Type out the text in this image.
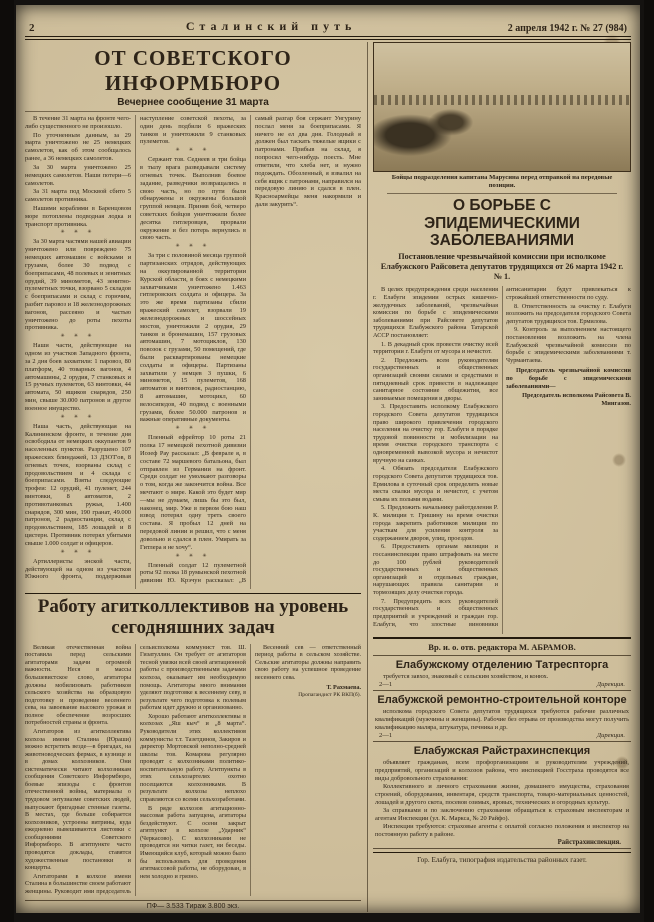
2	Сталинский путь	2 апреля 1942 г. № 27 (984)
ОТ СОВЕТСКОГО ИНФОРМБЮРО
Вечернее сообщение 31 марта

В течение 31 марта на фронте чего-либо существенного не произошло.

По уточненным данным, за 29 марта уничтожено не 25 немецких самолетов, как об этом сообщалось ранее, а 36 немецких самолетов.

За 30 марта уничтожено 25 немецких самолетов. Наши потери—6 самолетов.

За 31 марта под Москвой сбито 5 самолетов противника.

Нашими кораблями в Баренцовом море потоплены подводная лодка и транспорт противника.

✳ ✳ ✳

За 30 марта частями нашей авиации уничтожено или повреждено 75 немецких автомашин с войсками и грузами, более 30 подвод с боеприпасами, 48 полевых и зенитных орудий, 39 минометов, 43 зенитно-пулеметных точки, взорвано 5 складов с боеприпасами и склад с горючим, разбит паровоз и 18 железнодорожных вагонов, рассеяно и частью уничтожено до роты пехоты противника.

✳ ✳ ✳

Наши части, действующие на одном из участков Западного фронта, за 2 дня боев захватили: 1 паровоз, 80 платформ, 40 товарных вагонов, 4 автомашины, 2 орудия, 7 станковых и 15 ручных пулеметов, 63 винтовки, 44 автомата, 50 ящиков снарядов, 250 мин, свыше 30.000 патронов и другое военное имущество.

✳ ✳ ✳

Наша часть, действующая на Калининском фронте, в течение дня освободила от немецких оккупантов 9 населенных пунктов. Разрушено 107 вражеских блиндажей, 13 ДЗОТ'ов, 8 огневых точек, взорваны склад с продовольствием и 4 склада с боеприпасами. Взяты следующие трофеи: 12 орудий, 41 пулемет, 244 винтовки, 8 автоматов, 2 противотанковых ружья, 1.400 снарядов, 300 мин, 190 гранат, 49.000 патронов, 2 радиостанции, склад с продовольствием, 185 лошадей и 8 цистерн. Противник потерял убитыми свыше 1.000 солдат и офицеров.

✳ ✳ ✳

Артиллеристы энской части, действующей на одном из участков Южного фронта, поддерживая наступление советской пехоты, за один день подбили 6 вражеских танков и уничтожили 9 станковых пулеметов.

✳ ✳ ✳

Сержант тов. Седнеев и три бойца в тылу врага разведывали систему огневых точек. Выполнив боевое задание, разведчики возвращались в свою часть, но по пути были обнаружены и окружены большой группой немцев. Приняв бой, четверо советских бойцов уничтожили более десятка гитлеровцев, прорвали окружение и без потерь вернулись в свою часть.

✳ ✳ ✳

За три с половиной месяца группой партизанских отрядов, действующих на оккупированной территории Курской области, в боях с немецкими захватчиками уничтожено 1.463 гитлеровских солдата и офицера. За это же время партизаны сбили вражеский самолет, взорвали 19 железнодорожных и шоссейных мостов, уничтожили 2 орудия, 29 танков и бронемашин, 157 грузовых автомашин, 7 мотоциклов, 130 повозок с грузами, 50 помещений, где были расквартированы немецкие солдаты и офицеры. Партизаны захватили у немцев 3 пушки, 6 минометов, 15 пулеметов, 168 автоматов и винтовок, радиостанцию, 8 автомашин, мотоцикл, 60 велосипедов, 40 подвод с военными грузами, более 50.000 патронов и важные оперативные документы.

✳ ✳ ✳

Пленный ефрейтор 10 роты 21 полка 17 немецкой пехотной дивизии Иозеф Рау рассказал: „В феврале я, в составе 72 маршевого батальона, был отправлен из Германии на фронт. Среди солдат не умолкают разговоры о том, когда же закончится война. Все мечтают о мире. Какой это будет мир—мы не думаем, лишь бы это был, наконец, мир. Уже в первом бою наш взвод потерял одну треть своего состава. Я пробыл 12 дней на передовой линии и решил, что с меня довольно и сдался в плен. Умирать за Гитлера я не хочу“.

✳ ✳ ✳

Пленный солдат 12 пулеметной роты 92 полка 18 румынской пехотной дивизии Ю. Крэчун рассказал: „В самый разгар боя сержант Унгурину послал меня за боеприпасами. Я ничего не ел два дня. Голодный я должен был таскать тяжелые ящики с патронами. Прибыв на склад, я попросил чего-нибудь поесть. Мне ответили, что хлеба нет, и нужно подождать. Обозленный, я взвалил на себя ящик с патронами, направился на передовую линию и сдался в плен. Красноармейцы меня накормили и дали закурить“.

Работу агитколлективов на уровень сегодняшних задач

Великая отечественная война поставила перед сельскими агитаторами задачи огромной важности. Неся в массы большевистское слово, агитаторы должны мобилизовать работников сельского хозяйства на образцовую подготовку и проведение весеннего сева, на завоевание высокого урожая и полное обеспечение возросших потребностей страны и фронта.

Агитаторов из агитколлектива колхоза имени Сталина (Юраши) можно встретить везде—в бригадах, на животноводческих фермах, в кузнице и в домах колхозников. Они систематически читают колхозникам сообщения Советского Информбюро, боевые эпизоды с фронтов отечественной войны, материалы о трудовом энтузиазме советских людей, выпускают бригадные стенные газеты. В местах, где больше собирается колхозников, устроены витрины, куда ежедневно вывешиваются листовки с сообщениями Советского Информбюро. В агитпункте часто проводятся доклады, ставятся художественные постановки и концерты.

Агитаторами в колхозе имени Сталина в большинстве своем работают женщины. Руководит ими председатель сельисполкома коммунист тов. Ш. Гизатуллин. Он требует от агитаторов тесной увязки всей своей агитационной работы с производственными задачами колхоза, оказывает им необходимую помощь. Агитаторы много внимания уделяют подготовке к весеннему севу, в результате чего подготовка к полевым работам идет дружно и организованно.

Хорошо работают агитколлективы в колхозах „Яш кыч“ и „8 марта“. Руководители этих коллективов коммунисты т.т. Тазетдинов, Закиров и директор Мортовской неполно-средней школы тов. Комарова регулярно проводят с колхозниками политико-воспитательную работу. Агитпункты в этих сельхозартелях охотно посещаются колхозниками. В результате колхозы неплохо справляются со всеми сельхозработами.

В ряде колхозов агитационно-массовая работа запущена, агитаторы бездействуют. С осени закрыт агитпункт в колхозе „Ударник“ (Черкасово). С колхозниками не проводятся ни читки газет, ни беседы. Имеющийся клуб, который можно было бы использовать для проведения агитмассовой работы, не оборудован, в нем холодно и грязно.

Весенний сев — ответственный период работы в сельском хозяйстве. Сельские агитаторы должны направить свою работу на успешное проведение весеннего сева.

Т. Рахмаева.

Пропагандист РК ВКП(б).

ПФ— 3.533 Тираж 3.800 экз.
Бойцы подразделения капитана Марусина перед отправкой на передовые позиции.
О БОРЬБЕ С ЭПИДЕМИЧЕСКИМИ ЗАБОЛЕВАНИЯМИ
Постановление чрезвычайной комиссии при исполкоме Елабужского Райсовета депутатов трудящихся от 26 марта 1942 г. № 1.

В целях предупреждения среди населения г. Елабуги эпидемии острых кишечно-желудочных заболеваний, чрезвычайная комиссия по борьбе с эпидемическими заболеваниями при Райсовете депутатов трудящихся Елабужского района Татарской АССР постановляет:

1. В декадный срок провести очистку всей территории г. Елабуги от мусора и нечистот.

2. Предложить всем руководителям государственных и общественных организаций своими силами и средствами в пятидневный срок привести в надлежащее санитарное состояние общежития, все занимаемые помещения и дворы.

3. Предоставить исполкому Елабужского городского Совета депутатов трудящихся право широкого привлечения городского населения на очистку гор. Елабуги в порядке трудовой повинности и мобилизации на время очистки городского транспорта с одновременной вывозкой мусора и нечистот вручную на санках.

4. Обязать председателя Елабужского городского Совета депутатов трудящихся тов. Ермилова в суточный срок определить новые места свалки мусора и нечистот, с учетом смыва их полыми водами.

5. Предложить начальнику райотделения Р. К. милиции т. Гришину на время очистки города закрепить работников милиции по участкам для усиления контроля за содержанием дворов, улиц, проездов.

6. Предоставить органам милиции и госсанинспекции право штрафовать на месте до 100 рублей руководителей государственных и общественных организаций и отдельных граждан, нарушающих правила санитарии и тормозящих делу очистки города.

7. Предупредить всех руководителей государственных и общественных предприятий и учреждений и граждан гор. Елабуги, что злостные виновники антисанитарии будут привлекаться к строжайшей ответственности по суду.

8. Ответственность за очистку г. Елабуги возложить на председателя городского Совета депутатов трудящихся тов. Ермилова.

9. Контроль за выполнением настоящего постановления возложить на члена Елабужской чрезвычайной комиссии по борьбе с эпидемическими заболеваниями т. Чурмантаева.

Председатель чрезвычайной комиссии по борьбе с эпидемическими заболеваниями—

Председатель исполкома Райсовета В. Мингазов.

Вр. и. о. отв. редактора М. АБРАМОВ.
Елабужскому отделению Татреспторга

требуется завхоз, знакомый с сельским хозяйством, и конюх.

2—1	Дирекция.
Елабужской ремонтно-строительной конторе

исполкома городского Совета депутатов трудящихся требуются рабочие различных квалификаций (мужчины и женщины). Рабочие без отрыва от производства могут получить квалификацию маляра, штукатура, печника и др.

2—1	Дирекция.
Елабужская Райстрахинспекция

объявляет гражданам, всем профорганизациям и руководителям учреждений, предприятий, организаций и колхозов района, что инспекцией Госстраха проводятся все виды добровольного страхования:

Коллективного и личного страхования жизни, домашнего имущества, страхования строений, оборудования, инвентаря, средств транспорта, товаро-материальных ценностей, лошадей и другого скота, посевов озимых, яровых, технических и огородных культур.

За справками и по заключению страхования обращаться к страховым инспекторам и агентам Инспекции (ул. К. Маркса, № 20 Райфо).

Инспекции требуются: страховые агенты с оплатой согласно положения и инспектор на постоянную работу в районе.

Райстрахинспекция.
Гор. Елабуга, типография издательства районных газет.
